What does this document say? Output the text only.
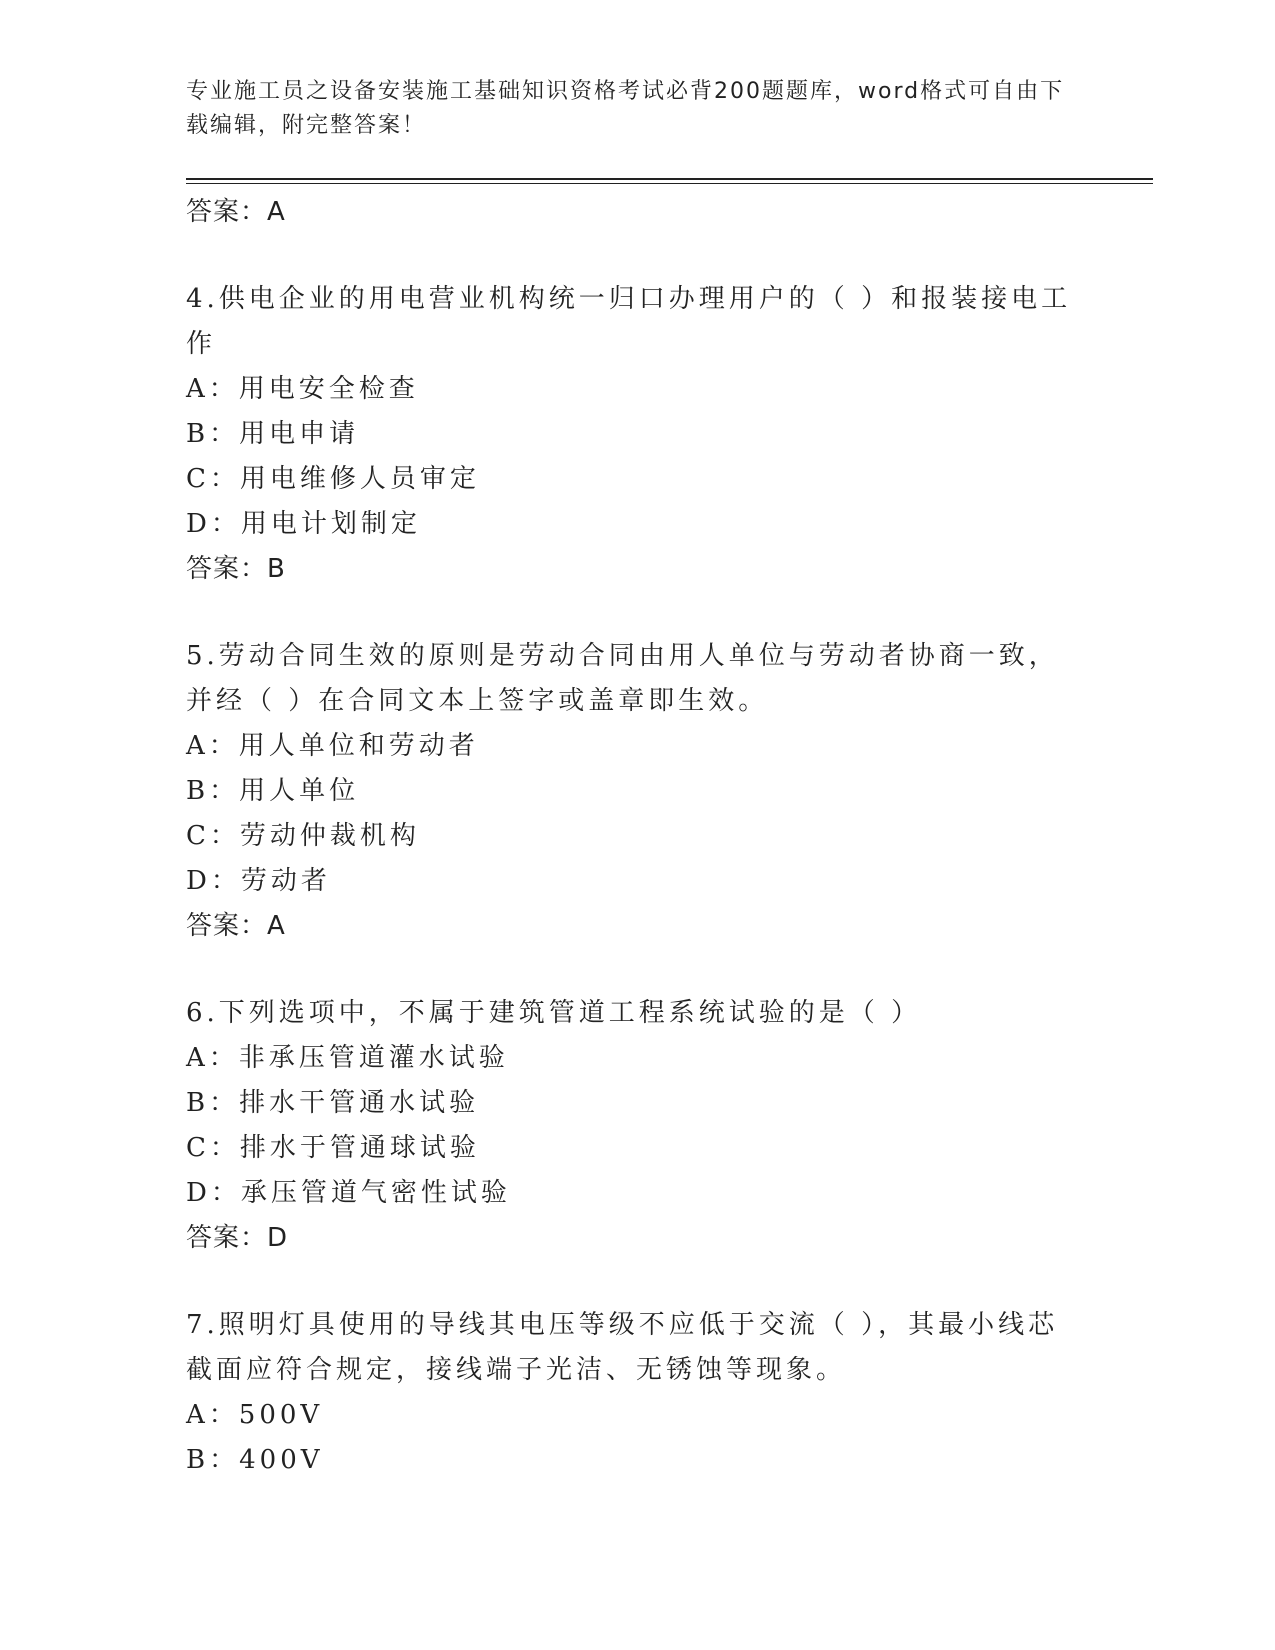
专业施工员之设备安装施工基础知识资格考试必背200题题库，word格式可自由下载编辑，附完整答案！

答案：A

4.供电企业的用电营业机构统一归口办理用户的（ ）和报装接电工作

A：用电安全检查

B：用电申请

C：用电维修人员审定

D：用电计划制定

答案：B

5.劳动合同生效的原则是劳动合同由用人单位与劳动者协商一致，并经（ ）在合同文本上签字或盖章即生效。

A：用人单位和劳动者

B：用人单位

C：劳动仲裁机构

D：劳动者

答案：A

6.下列选项中，不属于建筑管道工程系统试验的是（ ）

A：非承压管道灌水试验

B：排水干管通水试验

C：排水于管通球试验

D：承压管道气密性试验

答案：D

7.照明灯具使用的导线其电压等级不应低于交流（ ），其最小线芯截面应符合规定，接线端子光洁、无锈蚀等现象。

A：500V

B：400V
